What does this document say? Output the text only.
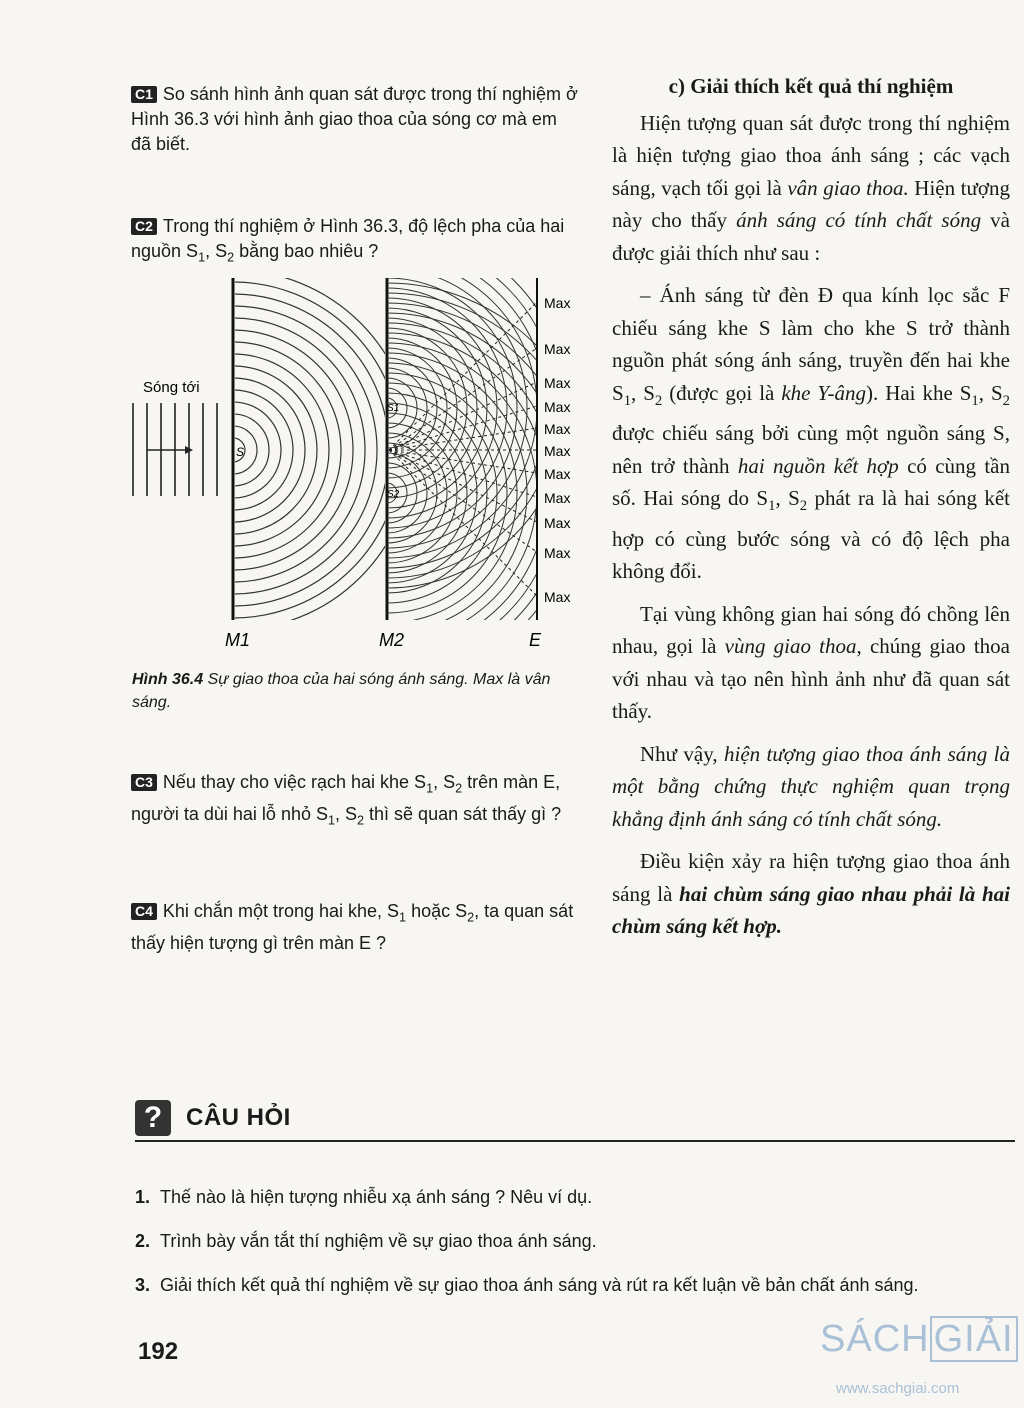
C1 So sánh hình ảnh quan sát được trong thí nghiệm ở Hình 36.3 với hình ảnh giao thoa của sóng cơ mà em đã biết.
C2 Trong thí nghiệm ở Hình 36.3, độ lệch pha của hai nguồn $S_1$, $S_2$ bằng bao nhiêu ?
Sóng tới
S
S1
S2
Max
Max
Max
Max
Max
Max
Max
Max
Max
Max
Max
M1	M2	E
Hình 36.4 Sự giao thoa của hai sóng ánh sáng. Max là vân sáng.
C3 Nếu thay cho việc rạch hai khe $S_1$, $S_2$ trên màn E, người ta dùi hai lỗ nhỏ $S_1$, $S_2$ thì sẽ quan sát thấy gì ?
C4 Khi chắn một trong hai khe, $S_1$ hoặc $S_2$, ta quan sát thấy hiện tượng gì trên màn E ?

c) Giải thích kết quả thí nghiệm

Hiện tượng quan sát được trong thí nghiệm là hiện tượng giao thoa ánh sáng ; các vạch sáng, vạch tối gọi là vân giao thoa. Hiện tượng này cho thấy ánh sáng có tính chất sóng và được giải thích như sau :

– Ánh sáng từ đèn Đ qua kính lọc sắc F chiếu sáng khe S làm cho khe S trở thành nguồn phát sóng ánh sáng, truyền đến hai khe $S_1$, $S_2$ (được gọi là khe Y-âng). Hai khe $S_1$, $S_2$ được chiếu sáng bởi cùng một nguồn sáng S, nên trở thành hai nguồn kết hợp có cùng tần số. Hai sóng do $S_1$, $S_2$ phát ra là hai sóng kết hợp có cùng bước sóng và có độ lệch pha không đổi.

Tại vùng không gian hai sóng đó chồng lên nhau, gọi là vùng giao thoa, chúng giao thoa với nhau và tạo nên hình ảnh như đã quan sát thấy.

Như vậy, hiện tượng giao thoa ánh sáng là một bằng chứng thực nghiệm quan trọng khẳng định ánh sáng có tính chất sóng.

Điều kiện xảy ra hiện tượng giao thoa ánh sáng là hai chùm sáng giao nhau phải là hai chùm sáng kết hợp.

? CÂU HỎI
1. Thế nào là hiện tượng nhiễu xạ ánh sáng ? Nêu ví dụ.
2. Trình bày vắn tắt thí nghiệm về sự giao thoa ánh sáng.
3. Giải thích kết quả thí nghiệm về sự giao thoa ánh sáng và rút ra kết luận về bản chất ánh sáng.
192	SÁCH GIẢI
www.sachgiai.com
